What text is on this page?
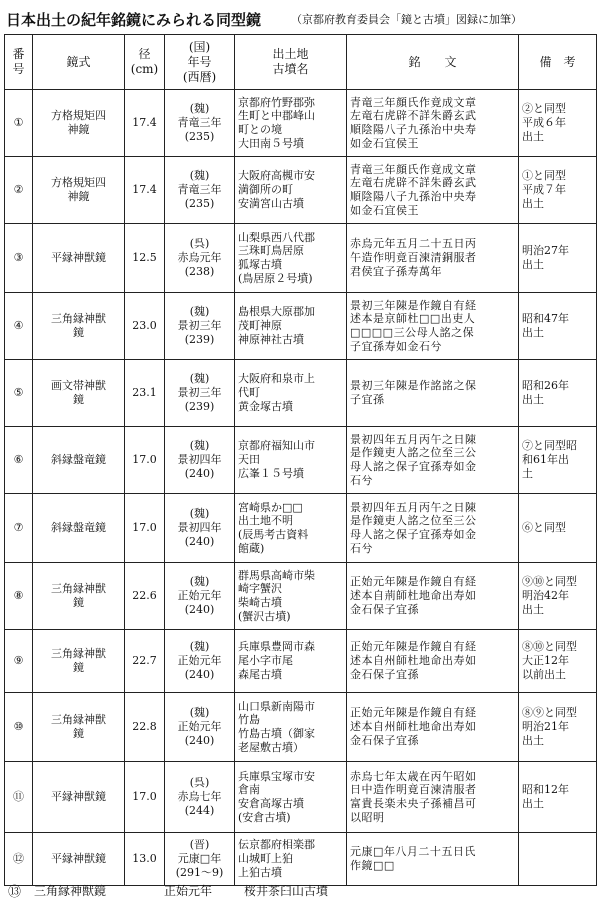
日本出土の紀年銘鏡にみられる同型鏡	（京都府教育委員会「鏡と古墳」図録に加筆）
番
号	鏡式	径
(cm)	(国)
年号
(西暦)	出土地
古墳名	銘　　文	備　考
①	方格規矩四
神鏡	17.4	(魏)
青竜三年
(235)	京都府竹野郡弥
生町と中郡峰山
町との境
大田南５号墳	青竜三年顔氏作竟成文章
左竜右虎辟不詳朱爵玄武
順陰陽八子九孫治中央寿
如金石宜侯王	②と同型
平成６年
出土
②	方格規矩四
神鏡	17.4	(魏)
青竜三年
(235)	大阪府高槻市安
満御所の町
安満宮山古墳	青竜三年顔氏作竟成文章
左竜右虎辟不詳朱爵玄武
順陰陽八子九孫治中央寿
如金石宜侯王	①と同型
平成７年
出土
③	平縁神獣鏡	12.5	(呉)
赤烏元年
(238)	山梨県西八代郡
三珠町鳥居原
狐塚古墳
(鳥居原２号墳)	赤烏元年五月二十五日丙
午造作明竟百湅清銅服者
君侯宜子孫寿萬年	明治27年
出土
④	三角縁神獣
鏡	23.0	(魏)
景初三年
(239)	島根県大原郡加
茂町神原
神原神社古墳	景初三年陳是作鏡自有経
述本是京師杜□□出吏人
□□□□三公母人詺之保
子宜孫寿如金石兮	昭和47年
出土
⑤	画文帯神獣
鏡	23.1	(魏)
景初三年
(239)	大阪府和泉市上
代町
黄金塚古墳	景初三年陳是作詺詺之保
子宜孫	昭和26年
出土
⑥	斜縁盤竜鏡	17.0	(魏)
景初四年
(240)	京都府福知山市
天田
広峯１５号墳	景初四年五月丙午之日陳
是作鏡吏人詺之位至三公
母人詺之保子宜孫寿如金
石兮	⑦と同型昭
和61年出
土
⑦	斜縁盤竜鏡	17.0	(魏)
景初四年
(240)	宮崎県か□□
出土地不明
(辰馬考古資料
館蔵)	景初四年五月丙午之日陳
是作鏡吏人詺之位至三公
母人詺之保子宜孫寿如金
石兮	⑥と同型
⑧	三角縁神獣
鏡	22.6	(魏)
正始元年
(240)	群馬県高崎市柴
崎字蟹沢
柴崎古墳
(蟹沢古墳)	正始元年陳是作鏡自有経
述本自荊師杜地命出寿如
金石保子宜孫	⑨⑩と同型
明治42年
出土
⑨	三角縁神獣
鏡	22.7	(魏)
正始元年
(240)	兵庫県豊岡市森
尾小字市尾
森尾古墳	正始元年陳是作鏡自有経
述本自州師杜地命出寿如
金石保子宜孫	⑧⑩と同型
大正12年
以前出土
⑩	三角縁神獣
鏡	22.8	(魏)
正始元年
(240)	山口県新南陽市
竹島
竹島古墳（御家
老屋敷古墳）	正始元年陳是作鏡自有経
述本自州師杜地命出寿如
金石保子宜孫	⑧⑨と同型
明治21年
出土
⑪	平縁神獣鏡	17.0	(呉)
赤烏七年
(244)	兵庫県宝塚市安
倉南
安倉高塚古墳
(安倉古墳)	赤烏七年太歳在丙午昭如
日中造作明竟百湅清服者
富貴長楽未央子孫補昌可
以昭明	昭和12年
出土
⑫	平縁神獣鏡	13.0	(晋)
元康□年
(291～9)	伝京都府相楽郡
山城町上狛
上狛古墳	元康□年八月二十五日氏
作鏡□□	
⑬	三角縁神獣鏡	正始元年	桜井茶臼山古墳
